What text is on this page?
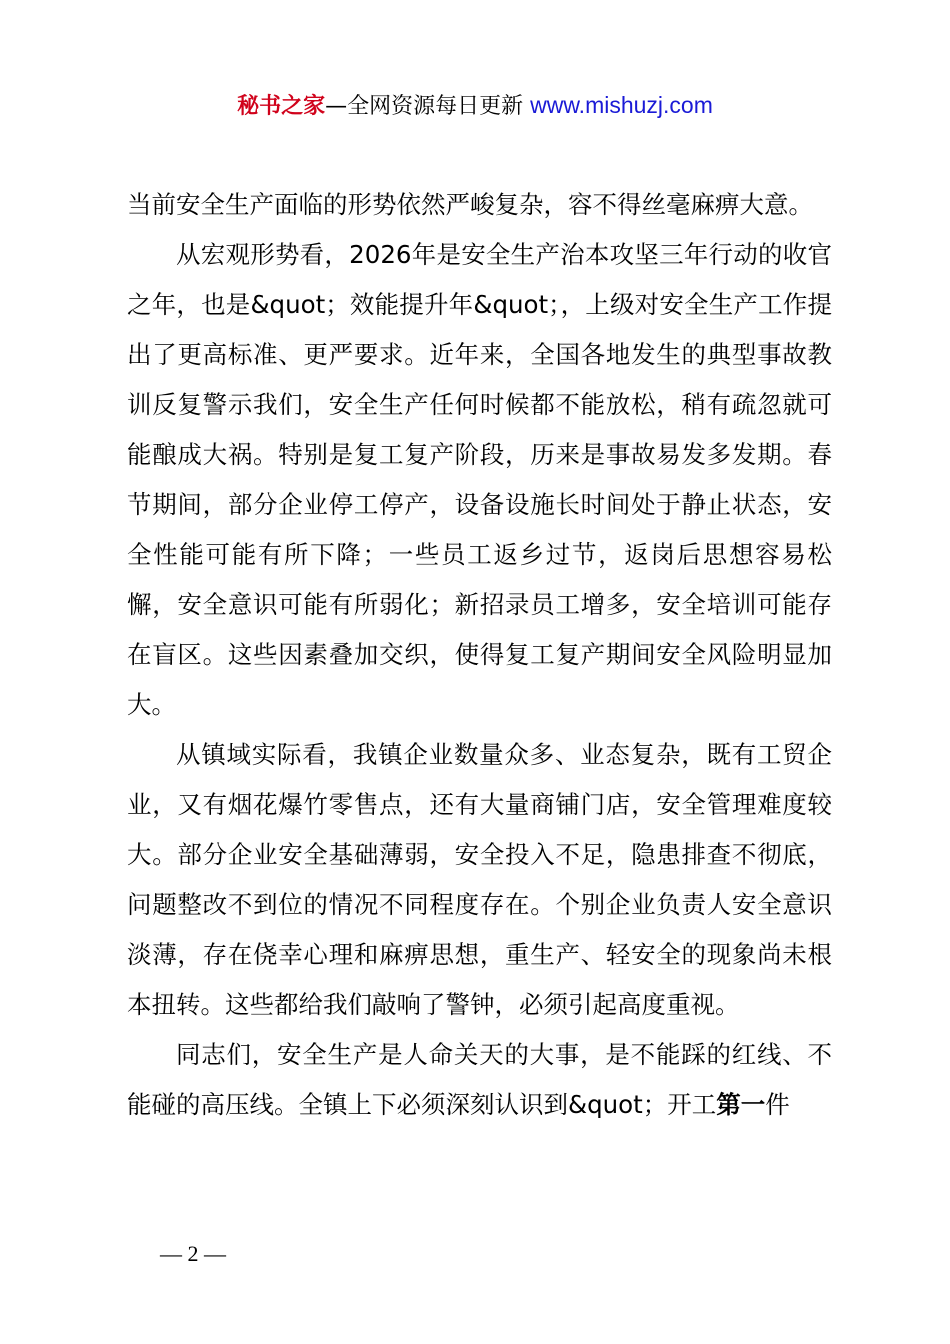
秘书之家—全网资源每日更新 www.mishuzj.com

当前安全生产面临的形势依然严峻复杂，容不得丝毫麻痹大意。

从宏观形势看，2026年是安全生产治本攻坚三年行动的收官之年，也是&quot；效能提升年&quot；，上级对安全生产工作提出了更高标准、更严要求。近年来，全国各地发生的典型事故教训反复警示我们，安全生产任何时候都不能放松，稍有疏忽就可能酿成大祸。特别是复工复产阶段，历来是事故易发多发期。春节期间，部分企业停工停产，设备设施长时间处于静止状态，安全性能可能有所下降；一些员工返乡过节，返岗后思想容易松懈，安全意识可能有所弱化；新招录员工增多，安全培训可能存在盲区。这些因素叠加交织，使得复工复产期间安全风险明显加大。

从镇域实际看，我镇企业数量众多、业态复杂，既有工贸企业，又有烟花爆竹零售点，还有大量商铺门店，安全管理难度较大。部分企业安全基础薄弱，安全投入不足，隐患排查不彻底，问题整改不到位的情况不同程度存在。个别企业负责人安全意识淡薄，存在侥幸心理和麻痹思想，重生产、轻安全的现象尚未根本扭转。这些都给我们敲响了警钟，必须引起高度重视。

同志们，安全生产是人命关天的大事，是不能踩的红线、不能碰的高压线。全镇上下必须深刻认识到&quot；开工第一件

— 2 —
